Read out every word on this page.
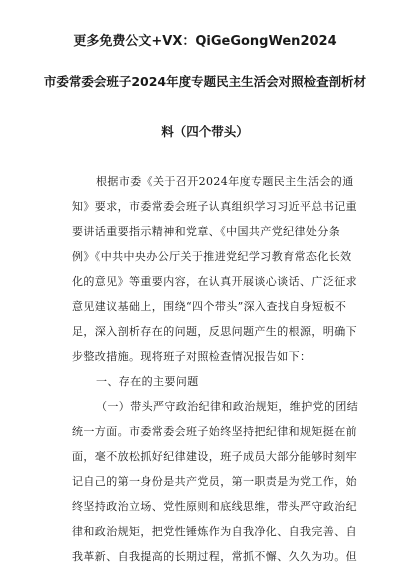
更多免费公文+VX：QiGeGongWen2024
市委常委会班子2024年度专题民主生活会对照检查剖析材
料（四个带头）
根据市委《关于召开2024年度专题民主生活会的通
知》要求，市委常委会班子认真组织学习习近平总书记重
要讲话重要指示精神和党章、《中国共产党纪律处分条
例》《中共中央办公厅关于推进党纪学习教育常态化长效
化的意见》等重要内容，在认真开展谈心谈话、广泛征求
意见建议基础上，围绕“四个带头”深入查找自身短板不
足，深入剖析存在的问题，反思问题产生的根源，明确下
步整改措施。现将班子对照检查情况报告如下：
一、存在的主要问题
（一）带头严守政治纪律和政治规矩，维护党的团结
统一方面。市委常委会班子始终坚持把纪律和规矩挺在前
面，毫不放松抓好纪律建设，班子成员大部分能够时刻牢
记自己的第一身份是共产党员，第一职责是为党工作，始
终坚持政治立场、党性原则和底线思维，带头严守政治纪
律和政治规矩，把党性锤炼作为自我净化、自我完善、自
我革新、自我提高的长期过程，常抓不懈、久久为功。但
